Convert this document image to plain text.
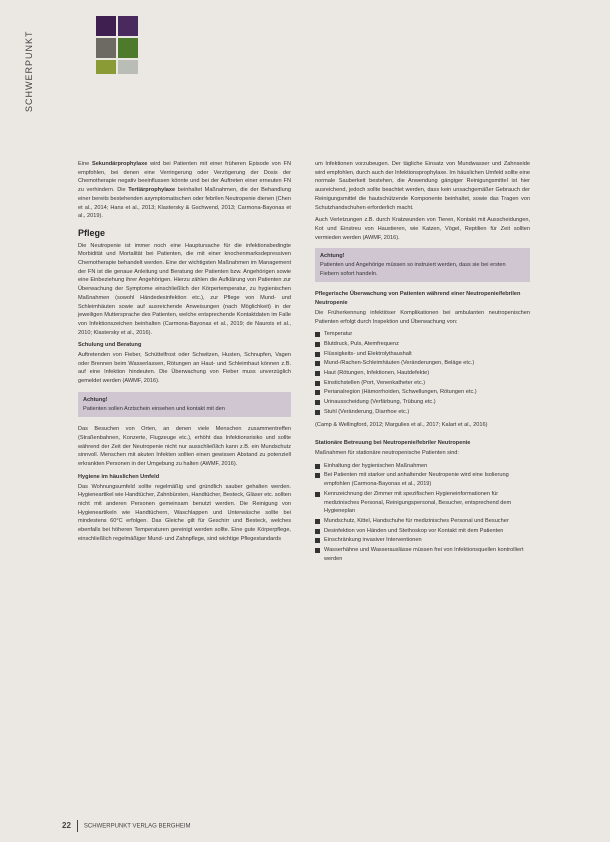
SCHWERPUNKT

Eine Sekundärprophylaxe wird bei Patienten mit einer früheren Episode von FN empfohlen, bei denen eine Verringerung oder Verzögerung der Dosis der Chemotherapie negativ beeinflussen könnte und bei der Auftreten einer erneuten FN zu verhindern. Die Tertiärprophylaxe beinhaltet Maßnahmen, die der Behandlung einer bereits bestehenden asymptomatischen oder febrilen Neutropenie dienen (Chen et al., 2014; Hans et al., 2013; Klastersky & Gschwend, 2013; Carmona-Bayonas et al., 2019).

Pflege

Die Neutropenie ist immer noch eine Hauptursache für die infektionsbedingte Morbidität und Mortalität bei Patienten, die mit einer knochenmarksdepressiven Chemotherapie behandelt werden. Eine der wichtigsten Maßnahmen im Management der FN ist die genaue Anleitung und Beratung der Patienten bzw. Angehörigen sowie eine Einbeziehung ihrer Angehörigen. Hierzu zählen die Aufklärung von Patienten zur Überwachung der Symptome einschließlich der Körpertemperatur, zu hygienischen Maßnahmen (sowohl Händedesinfektion etc.), zur Pflege von Mund- und Schleimhäuten sowie auf ausreichende Anweisungen (nach Möglichkeit) in der jeweiligen Muttersprache des Patienten, welche entsprechende Kontaktdaten im Falle von Infektionszeichen beinhalten (Carmona-Bayonas et al., 2019; de Naurois et al., 2010; Klastersky et al., 2016).

Schulung und Beratung

Auftretenden von Fieber, Schüttelfrost oder Schwitzen, Husten, Schnupfen, Vagen oder Brennen beim Wasserlassen, Rötungen an Haut- und Schleimhaut können z.B. auf eine Infektion hindeuten. Die Überwachung von Fieber muss unverzüglich gemeldet werden (AWMF, 2016).

Achtung!
Patienten sollen Arztschein einsehen und kontakt mit den

Das Besuchen von Orten, an denen viele Menschen zusammentreffen (Straßenbahnen, Konzerte, Flugzeuge etc.), erhöht das Infektionsrisiko und sollte während der Zeit der Neutropenie nicht nur ausschließlich kann z.B. ein Mundschutz sinnvoll. Menschen mit akuten Infekten sollten einen gewissen Abstand zu potenziell erkrankten Personen in der Umgebung zu halten (AWMF, 2016).

Hygiene im häuslichen Umfeld

Das Wohnungsumfeld sollte regelmäßig und gründlich sauber gehalten werden. Hygieneartikel wie Handtücher, Zahnbürsten, Handtücher, Besteck, Gläser etc. sollten nicht mit anderen Personen gemeinsam benutzt werden. Die Reinigung von Hygieneartikeln wie Handtüchern, Waschlappen und Unterwäsche sollte bei mindestens 60°C erfolgen. Das Gleiche gilt für Geschirr und Besteck, welches ebenfalls bei höheren Temperaturen gereinigt werden sollte. Eine gute Körperpflege, einschließlich regelmäßiger Mund- und Zahnpflege, sind wichtige Pflegestandards

um Infektionen vorzubeugen. Der tägliche Einsatz von Mundwasser und Zahnseide wird empfohlen, durch auch der Infektionsprophylaxe. Im häuslichen Umfeld sollte eine normale Sauberkeit bestehen, die Anwendung gängiger Reinigungsmittel ist hier ausreichend, jedoch sollte beachtet werden, dass kein unsachgemäßer Gebrauch der Reinigungsmittel die hautschützende Komponente beinhaltet, sowie das Tragen von Schutzhandschuhen erforderlich macht.

Auch Verletzungen z.B. durch Kratzwunden von Tieren, Kontakt mit Ausscheidungen, Kot und Einstreu von Haustieren, wie Katzen, Vögel, Reptilien für Zeit sollten vermieden werden (AWMF, 2016).

Achtung!
Patienten und Angehörige müssen so instruiert werden, dass sie bei ersten Fiebern sofort handeln.
Pflegerische Überwachung von Patienten während einer Neutropenie/febrilen Neutropenie

Die Früherkennung infektiöser Komplikationen bei ambulanten neutropenischen Patienten erfolgt durch Inspektion und Überwachung von:

Temperatur
Blutdruck, Puls, Atemfrequenz
Flüssigkeits- und Elektrolythaushalt
Mund-/Rachen-Schleimhäuten (Veränderungen, Beläge etc.)
Haut (Rötungen, Infektionen, Hautdefekte)
Einstichstellen (Port, Venenkatheter etc.)
Perianalregion (Hämorrhoiden, Schwellungen, Rötungen etc.)
Urinausscheidung (Verfärbung, Trübung etc.)
Stuhl (Veränderung, Diarrhoe etc.)

(Camp & Wellingford, 2012; Margulies et al., 2017; Kalart et al., 2016)

Stationäre Betreuung bei Neutropenie/febriler Neutropenie

Maßnahmen für stationäre neutropenische Patienten sind:

Einhaltung der hygienischen Maßnahmen
Bei Patienten mit starker und anhaltender Neutropenie wird eine Isolierung empfohlen (Carmona-Bayonas et al., 2019)
Kennzeichnung der Zimmer mit spezifischen Hygieneinformationen für medizinisches Personal, Reinigungspersonal, Besucher, entsprechend dem Hygieneplan
Mundschutz, Kittel, Handschuhe für medizinisches Personal und Besucher
Desinfektion von Händen und Stethoskop vor Kontakt mit dem Patienten
Einschränkung invasiver Interventionen
Wasserhähne und Wasserauslässe müssen frei von Infektionsquellen kontrolliert werden
22 SCHWERPUNKT VERLAG BERGHEIM
